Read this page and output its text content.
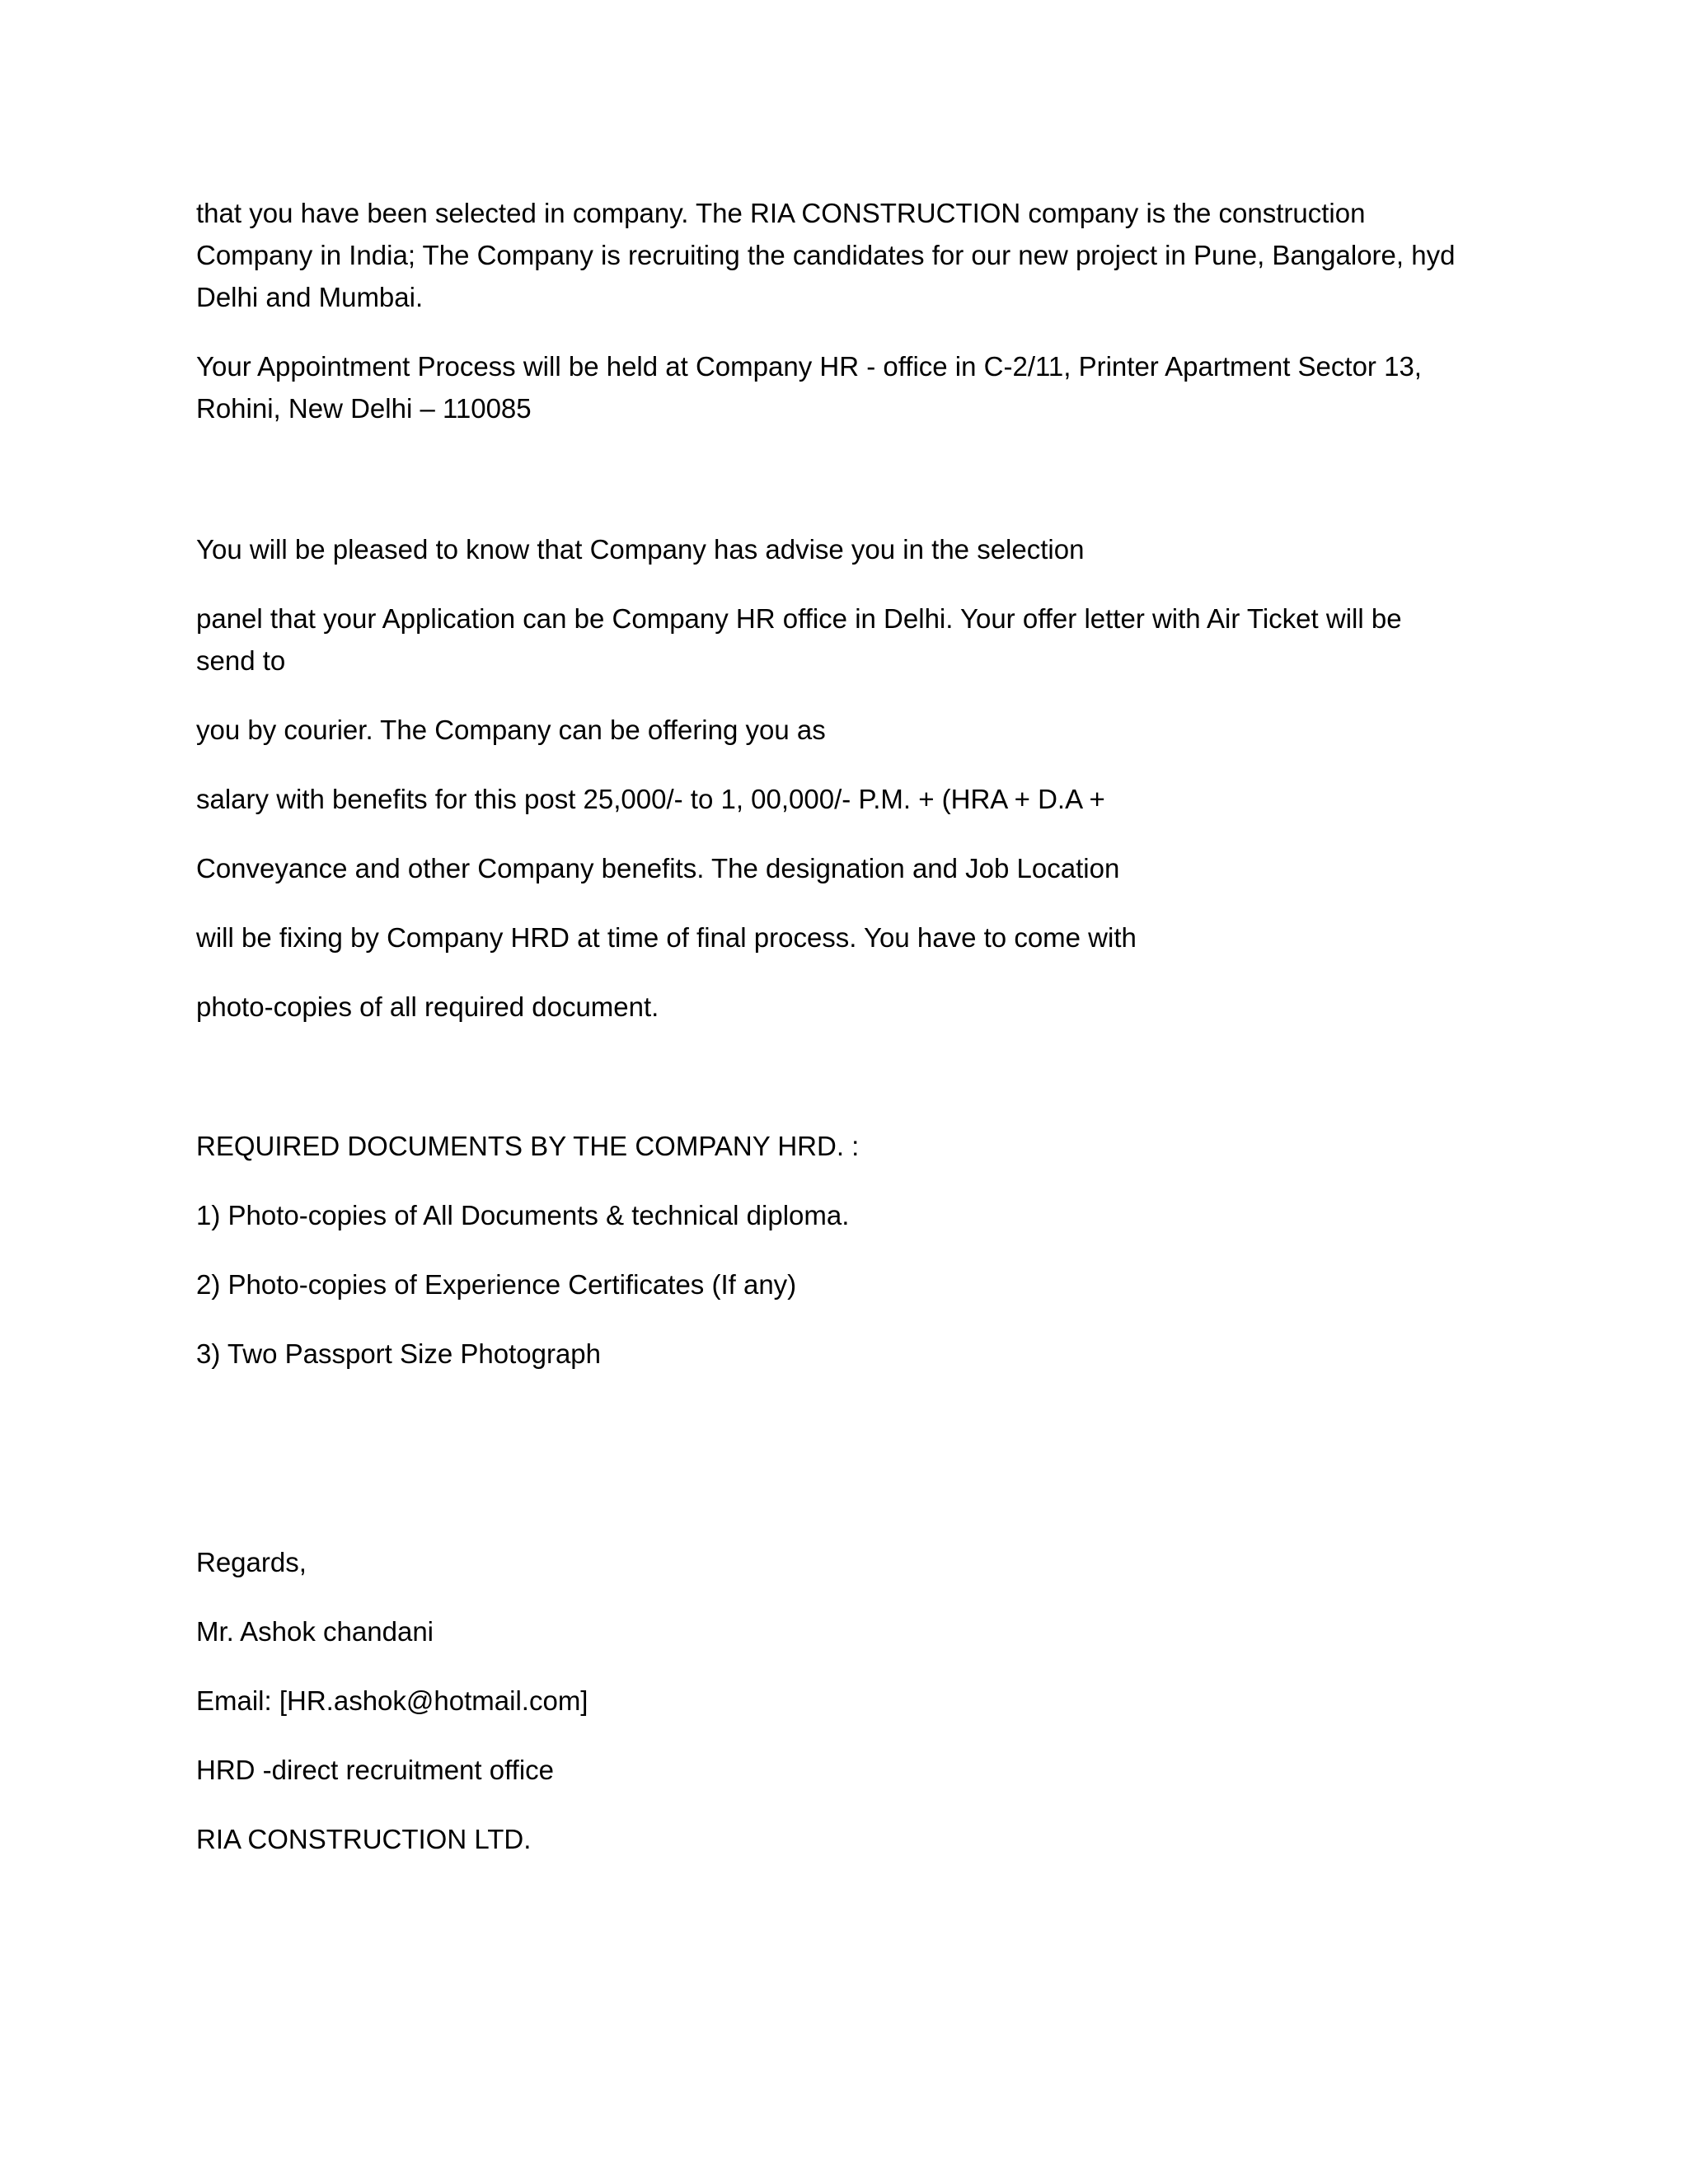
that you have been selected in company. The RIA CONSTRUCTION company is the construction
Company in India; The Company is recruiting the candidates for our new project in Pune, Bangalore, hyd
Delhi and Mumbai.
Your Appointment Process will be held at Company HR - office in C-2/11, Printer Apartment Sector 13,
Rohini, New Delhi – 110085
You will be pleased to know that Company has advise you in the selection
panel that your Application can be Company HR office in Delhi. Your offer letter with Air Ticket will be
send to
you by courier. The Company can be offering you as
salary with benefits for this post 25,000/- to 1, 00,000/- P.M. + (HRA + D.A +
Conveyance and other Company benefits. The designation and Job Location
will be fixing by Company HRD at time of final process. You have to come with
photo-copies of all required document.
REQUIRED DOCUMENTS BY THE COMPANY HRD. :
1) Photo-copies of All Documents & technical diploma.
2) Photo-copies of Experience Certificates (If any)
3) Two Passport Size Photograph
Regards,
Mr. Ashok chandani
Email: [HR.ashok@hotmail.com]
HRD -direct recruitment office
RIA CONSTRUCTION LTD.
